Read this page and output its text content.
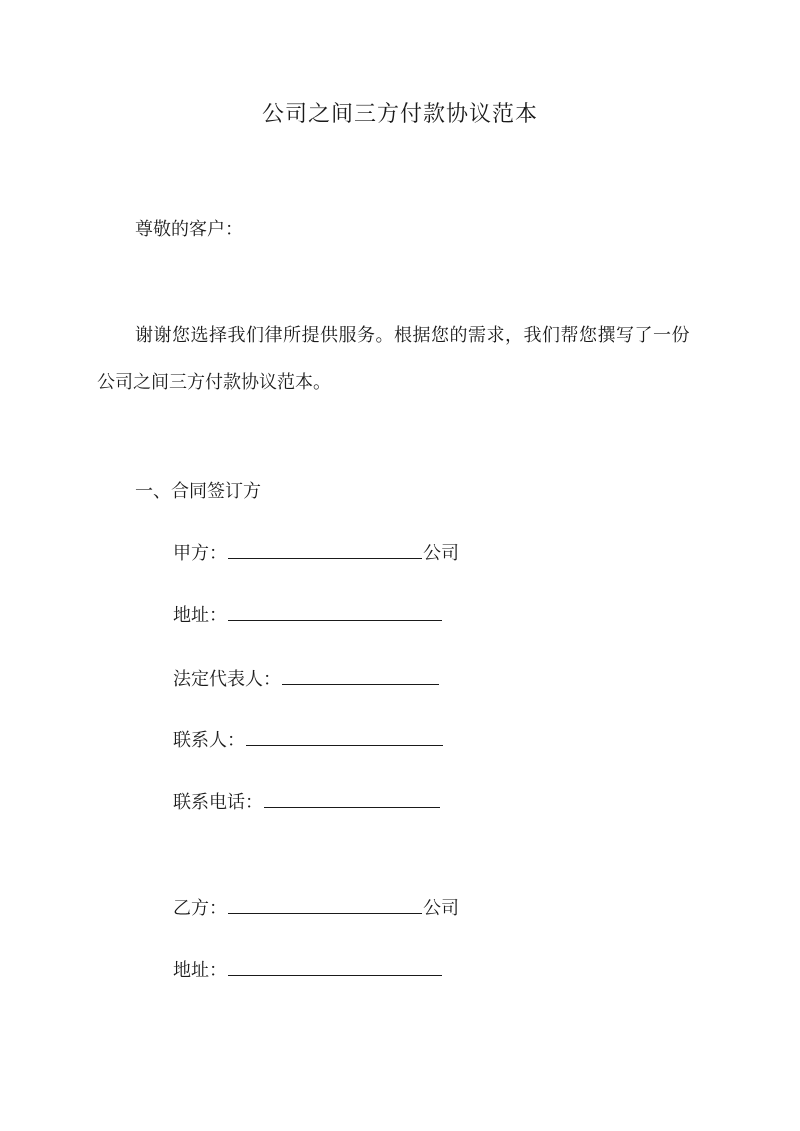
公司之间三方付款协议范本

尊敬的客户：

谢谢您选择我们律所提供服务。根据您的需求，我们帮您撰写了一份

公司之间三方付款协议范本。

一、合同签订方

甲方：	公司

地址：

法定代表人：

联系人：

联系电话：

乙方：	公司

地址：
